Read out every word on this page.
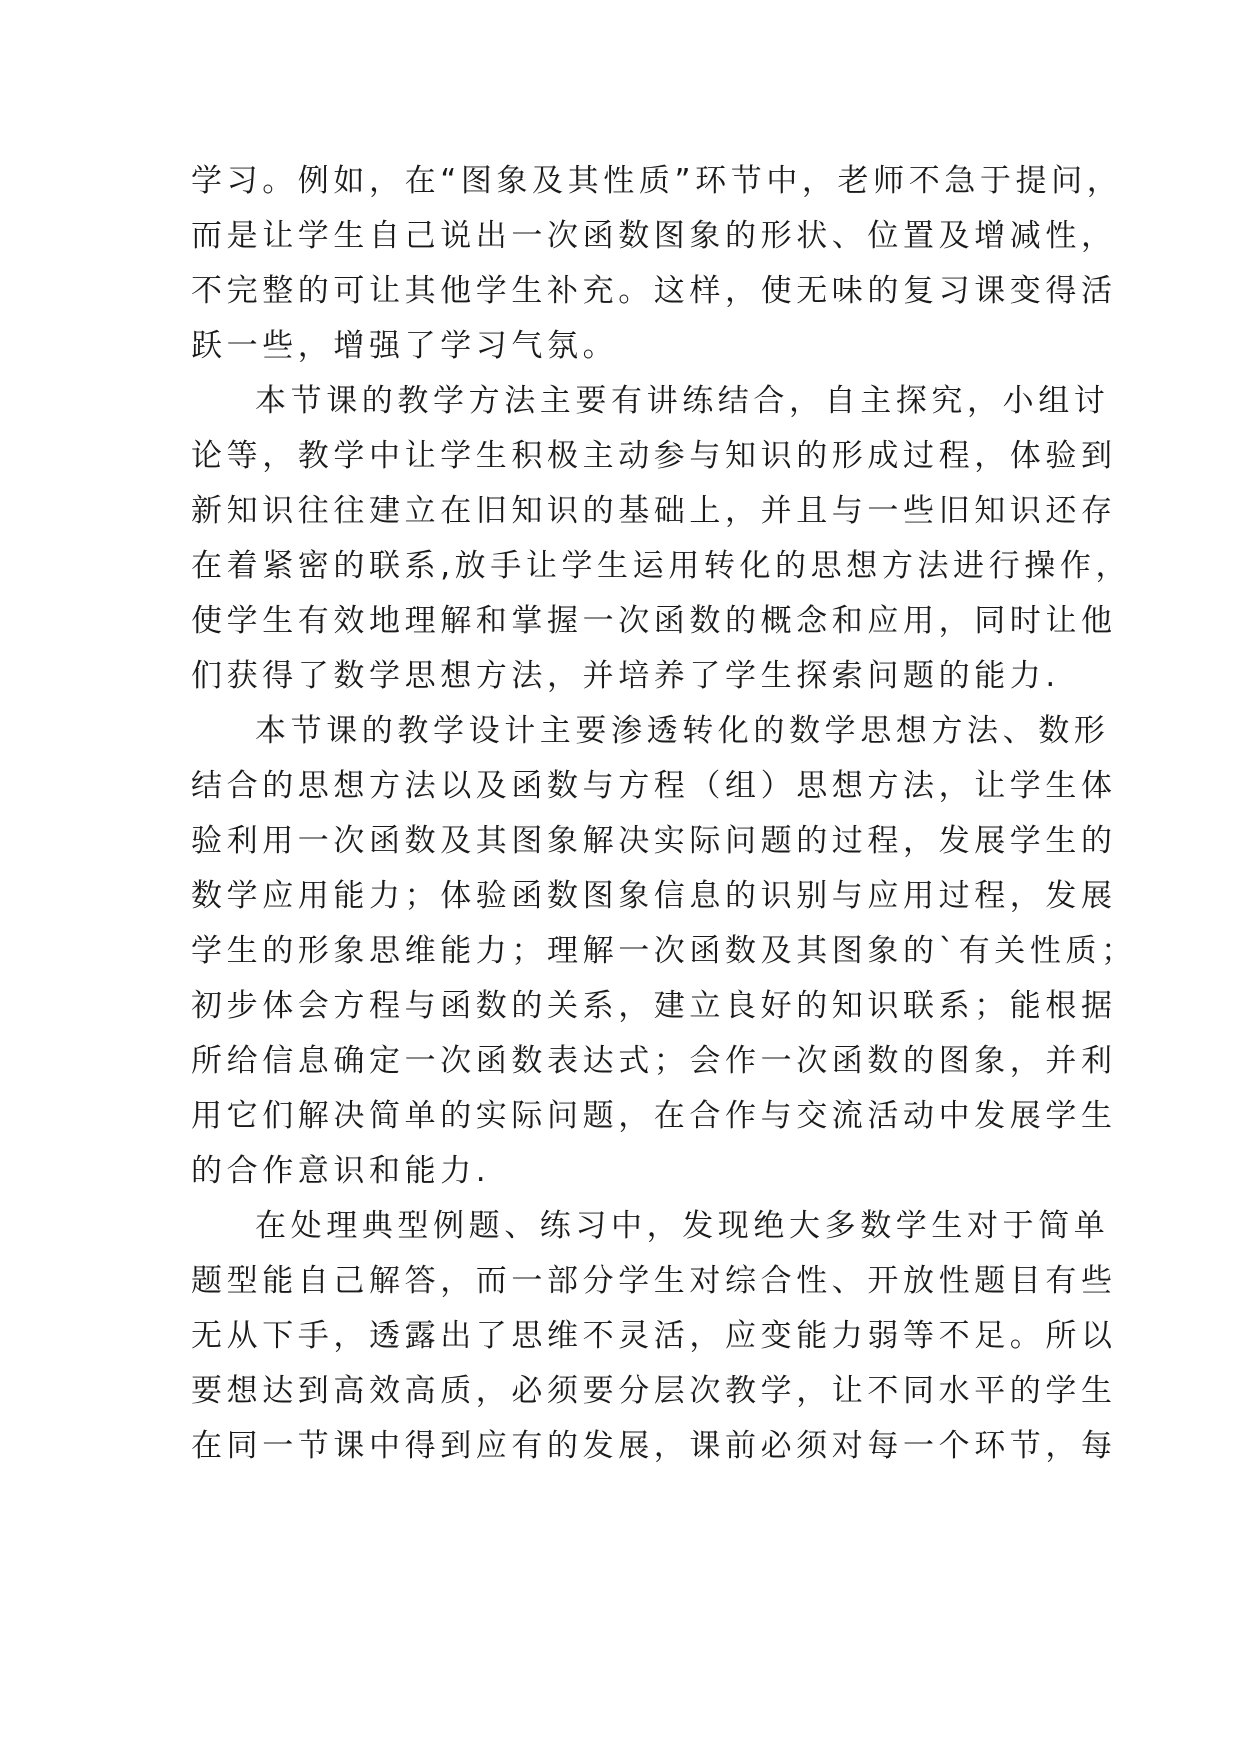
学习。例如，在“图象及其性质”环节中，老师不急于提问，
而是让学生自己说出一次函数图象的形状、位置及增减性，
不完整的可让其他学生补充。这样，使无味的复习课变得活
跃一些，增强了学习气氛。
本节课的教学方法主要有讲练结合，自主探究，小组讨
论等，教学中让学生积极主动参与知识的形成过程，体验到
新知识往往建立在旧知识的基础上，并且与一些旧知识还存
在着紧密的联系,放手让学生运用转化的思想方法进行操作，
使学生有效地理解和掌握一次函数的概念和应用，同时让他
们获得了数学思想方法，并培养了学生探索问题的能力.
本节课的教学设计主要渗透转化的数学思想方法、数形
结合的思想方法以及函数与方程（组）思想方法，让学生体
验利用一次函数及其图象解决实际问题的过程，发展学生的
数学应用能力；体验函数图象信息的识别与应用过程，发展
学生的形象思维能力；理解一次函数及其图象的`有关性质；
初步体会方程与函数的关系，建立良好的知识联系；能根据
所给信息确定一次函数表达式；会作一次函数的图象，并利
用它们解决简单的实际问题，在合作与交流活动中发展学生
的合作意识和能力.
在处理典型例题、练习中，发现绝大多数学生对于简单
题型能自己解答，而一部分学生对综合性、开放性题目有些
无从下手，透露出了思维不灵活，应变能力弱等不足。所以
要想达到高效高质，必须要分层次教学，让不同水平的学生
在同一节课中得到应有的发展，课前必须对每一个环节，每
